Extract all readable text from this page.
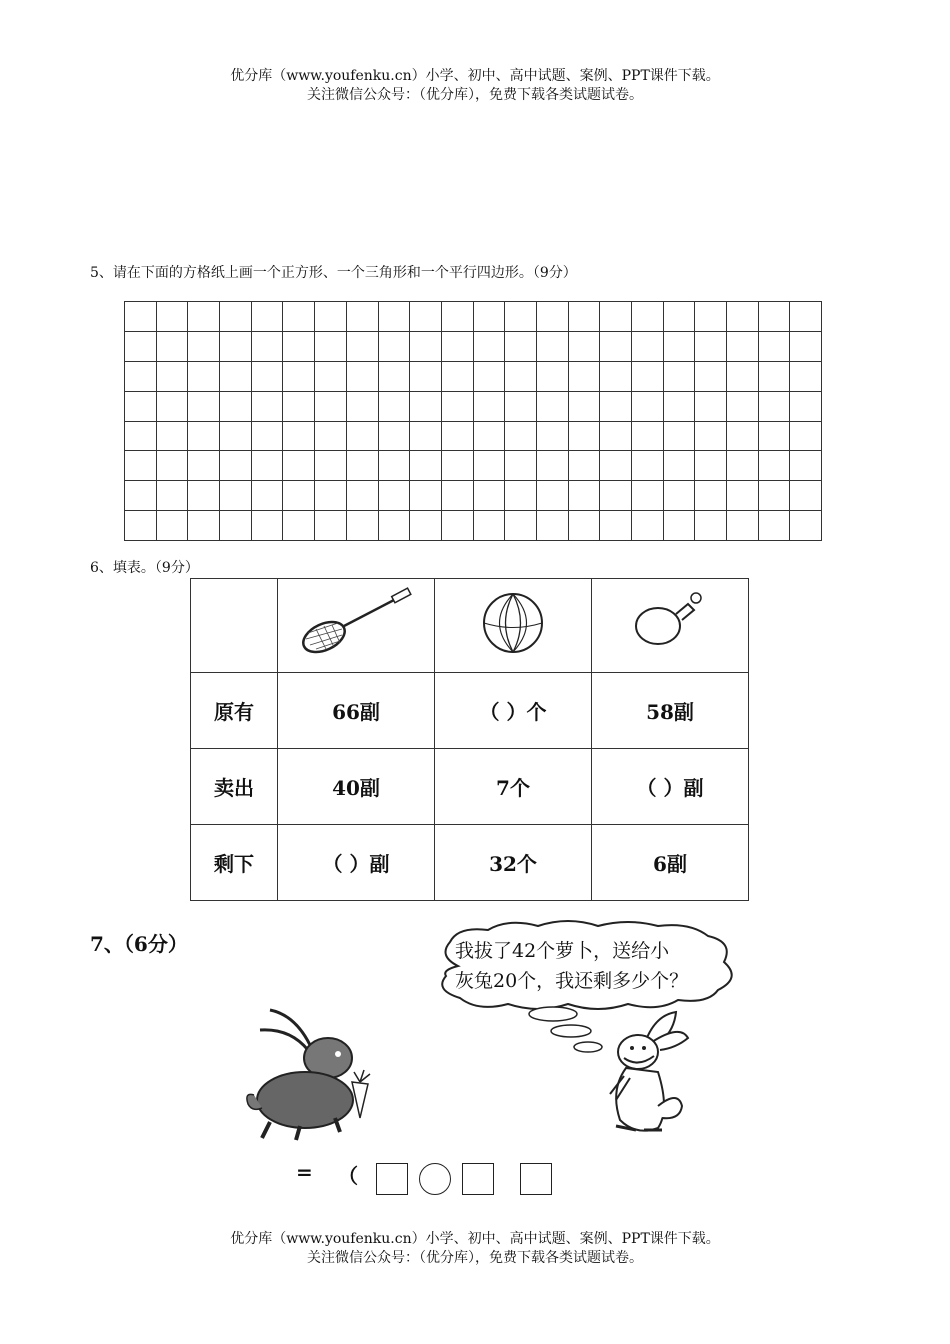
优分库（www.youfenku.cn）小学、初中、高中试题、案例、PPT课件下载。
关注微信公众号：（优分库），免费下载各类试题试卷。
5、请在下面的方格纸上画一个正方形、一个三角形和一个平行四边形。（9分）

6、填表。（9分）

原有	66副	（ ）个	58副
卖出	40副	7个	（ ）副
剩下	（ ）副	32个	6副
7、（6分）	我拔了42个萝卜，送给小
灰兔20个，我还剩多少个？
= （
优分库（www.youfenku.cn）小学、初中、高中试题、案例、PPT课件下载。
关注微信公众号：（优分库），免费下载各类试题试卷。
